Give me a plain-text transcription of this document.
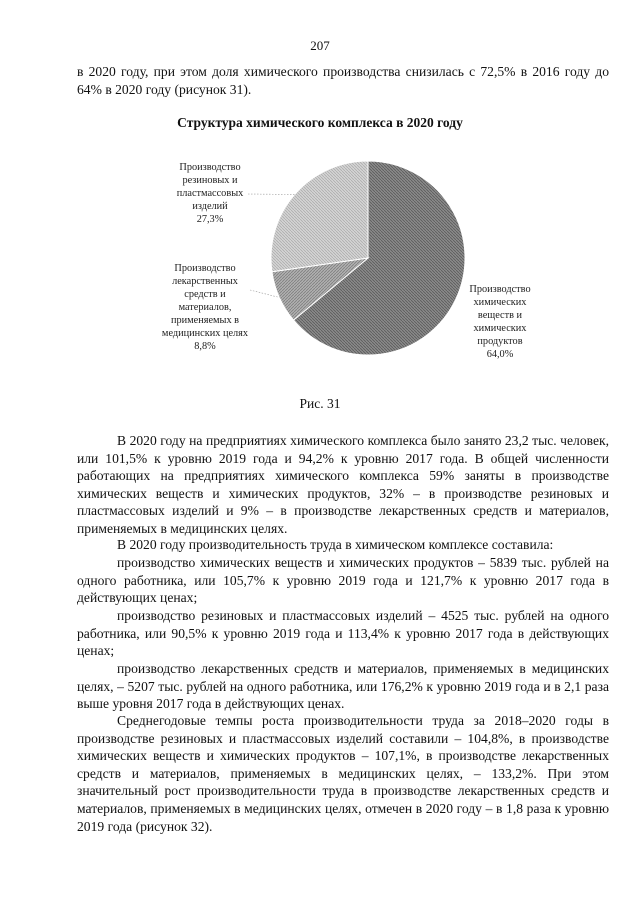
207

в 2020 году, при этом доля химического производства снизилась с 72,5% в 2016 году до 64% в 2020 году (рисунок 31).

Структура химического комплекса в 2020 году
Производство
резиновых и
пластмассовых
изделий
27,3%
Производство
лекарственных
средств и
материалов,
применяемых в
медицинских целях
8,8%
Производство
химических
веществ и
химических
продуктов
64,0%
Рис. 31

В 2020 году на предприятиях химического комплекса было занято 23,2 тыс. человек, или 101,5% к уровню 2019 года и 94,2% к уровню 2017 года. В общей численности работающих на предприятиях химического комплекса 59% заняты в производстве химических веществ и химических продуктов, 32% – в производстве резиновых и пластмассовых изделий и 9% – в производстве лекарственных средств и материалов, применяемых в медицинских целях.

В 2020 году производительность труда в химическом комплексе составила:

производство химических веществ и химических продуктов – 5839 тыс. рублей на одного работника, или 105,7% к уровню 2019 года и 121,7% к уровню 2017 года в действующих ценах;

производство резиновых и пластмассовых изделий – 4525 тыс. рублей на одного работника, или 90,5% к уровню 2019 года и 113,4% к уровню 2017 года в действующих ценах;

производство лекарственных средств и материалов, применяемых в медицинских целях, – 5207 тыс. рублей на одного работника, или 176,2% к уровню 2019 года и в 2,1 раза выше уровня 2017 года в действующих ценах.

Среднегодовые темпы роста производительности труда за 2018–2020 годы в производстве резиновых и пластмассовых изделий составили – 104,8%, в производстве химических веществ и химических продуктов – 107,1%, в производстве лекарственных средств и материалов, применяемых в медицинских целях, – 133,2%. При этом значительный рост производительности труда в производстве лекарственных средств и материалов, применяемых в медицинских целях, отмечен в 2020 году – в 1,8 раза к уровню 2019 года (рисунок 32).
